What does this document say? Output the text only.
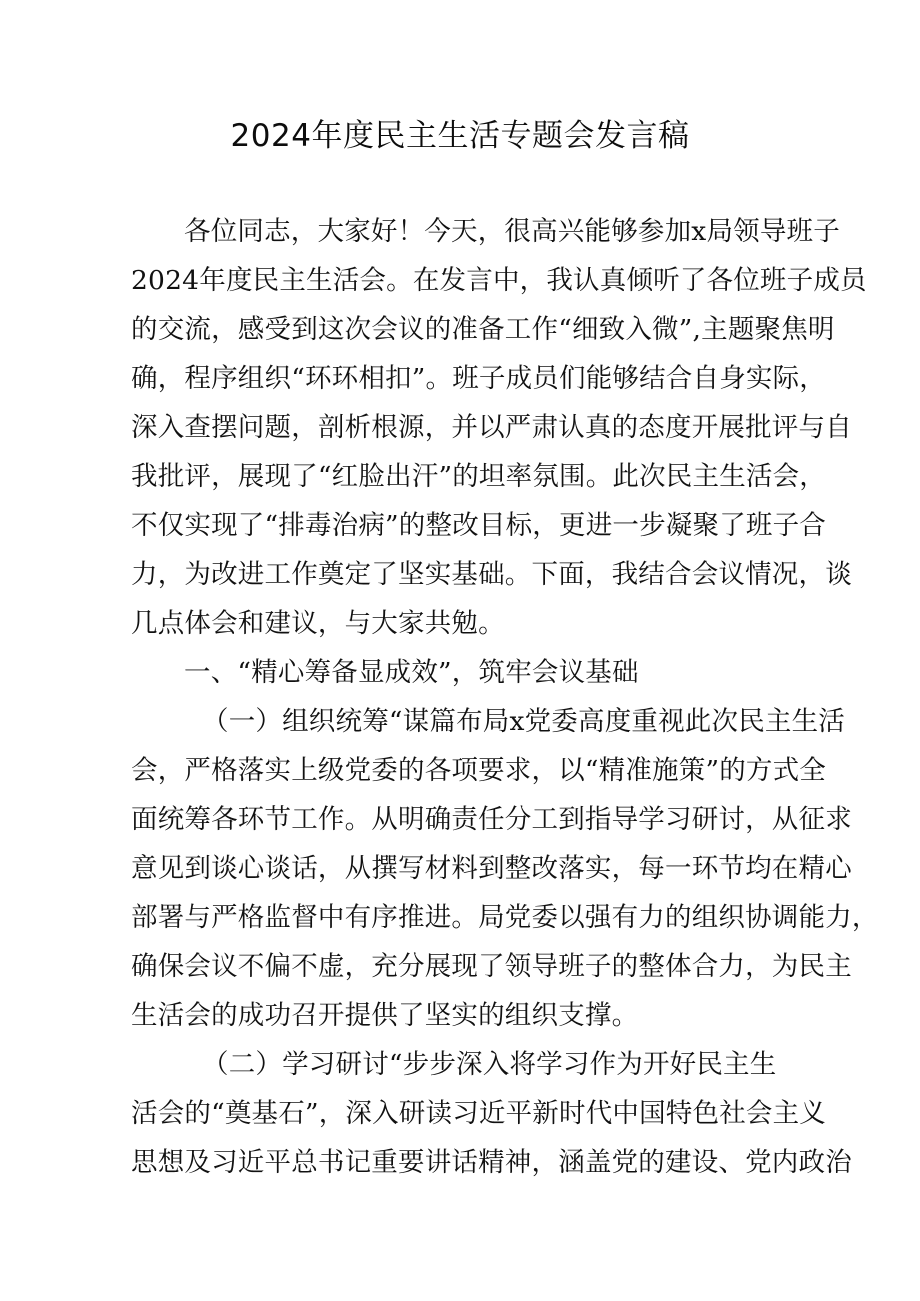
2024年度民主生活专题会发言稿
各位同志，大家好！今天，很高兴能够参加x局领导班子
2024年度民主生活会。在发言中，我认真倾听了各位班子成员
的交流，感受到这次会议的准备工作“细致入微”,主题聚焦明
确，程序组织“环环相扣”。班子成员们能够结合自身实际，
深入查摆问题，剖析根源，并以严肃认真的态度开展批评与自
我批评，展现了“红脸出汗”的坦率氛围。此次民主生活会，
不仅实现了“排毒治病”的整改目标，更进一步凝聚了班子合
力，为改进工作奠定了坚实基础。下面，我结合会议情况，谈
几点体会和建议，与大家共勉。
一、“精心筹备显成效”，筑牢会议基础
（一）组织统筹“谋篇布局x党委高度重视此次民主生活
会，严格落实上级党委的各项要求，以“精准施策”的方式全
面统筹各环节工作。从明确责任分工到指导学习研讨，从征求
意见到谈心谈话，从撰写材料到整改落实，每一环节均在精心
部署与严格监督中有序推进。局党委以强有力的组织协调能力，
确保会议不偏不虚，充分展现了领导班子的整体合力，为民主
生活会的成功召开提供了坚实的组织支撑。
（二）学习研讨“步步深入将学习作为开好民主生
活会的“奠基石”，深入研读习近平新时代中国特色社会主义
思想及习近平总书记重要讲话精神，涵盖党的建设、党内政治
